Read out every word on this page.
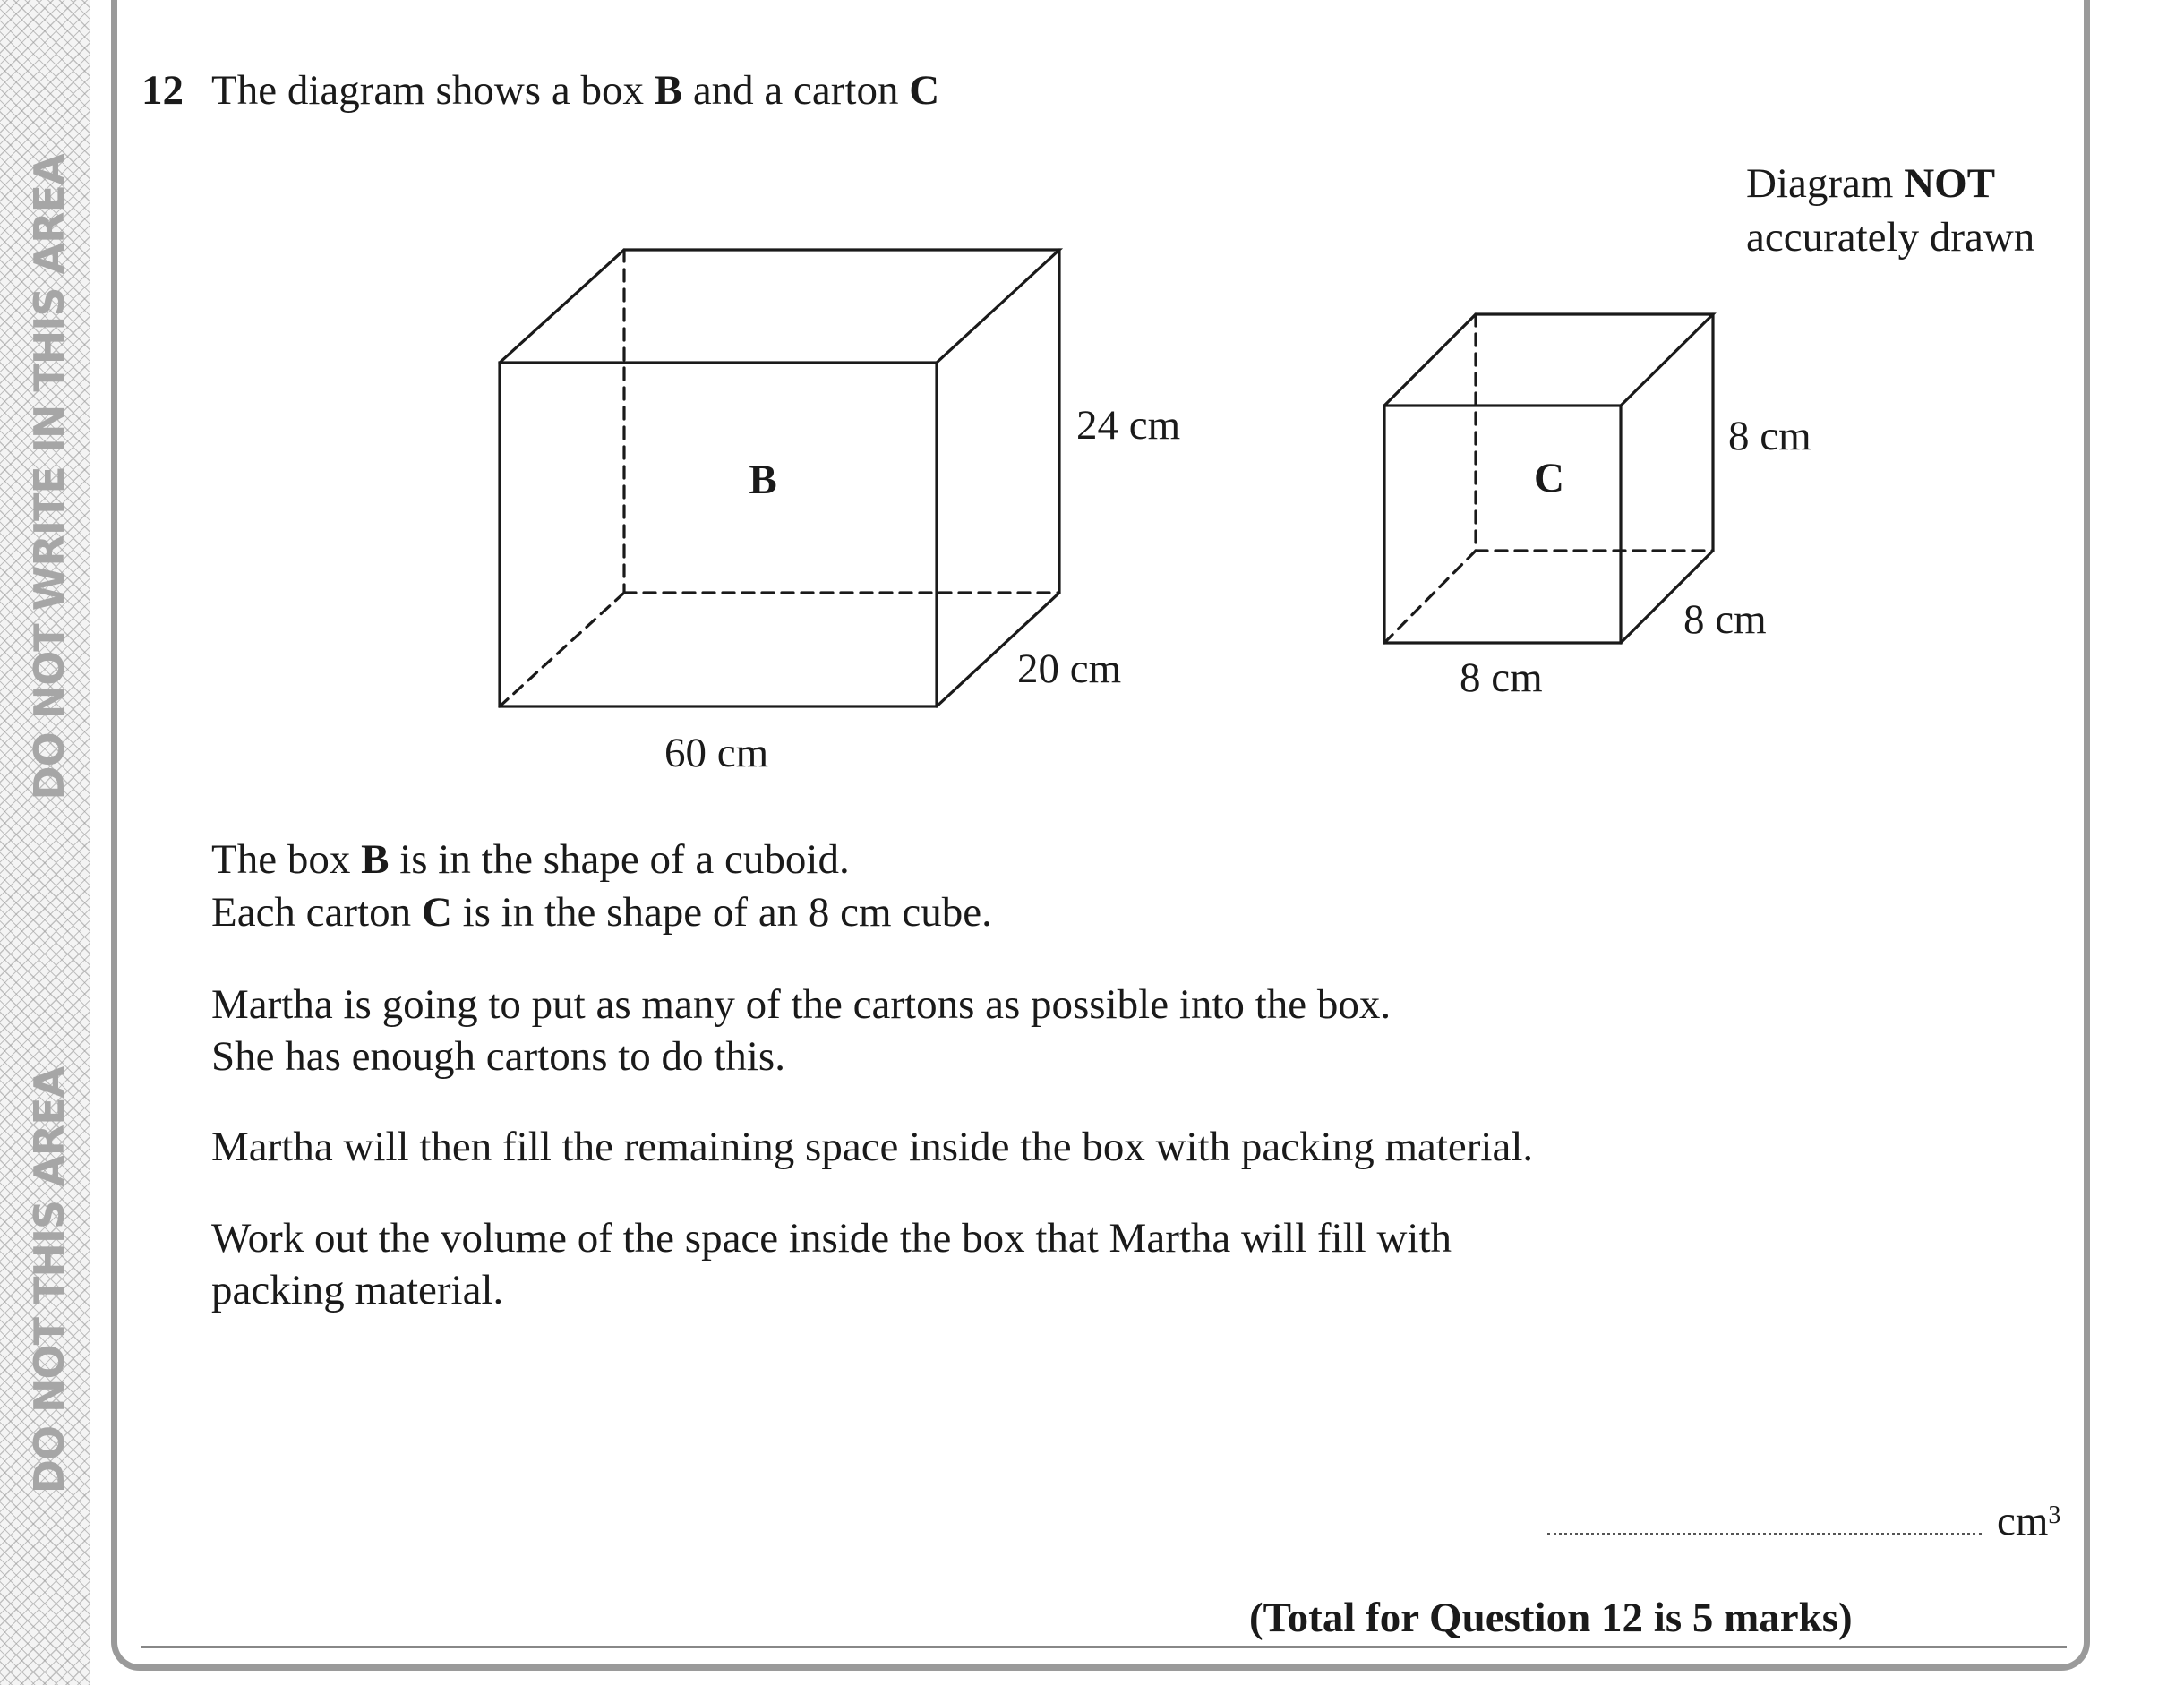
DO NOT WRITE IN THIS AREA
DO NOT THIS AREA
12 The diagram shows a box B and a carton C
Diagram NOT
accurately drawn
B
24 cm
20 cm
60 cm
C
8 cm
8 cm
8 cm
The box B is in the shape of a cuboid.
Each carton C is in the shape of an 8 cm cube.
Martha is going to put as many of the cartons as possible into the box.
She has enough cartons to do this.
Martha will then fill the remaining space inside the box with packing material.
Work out the volume of the space inside the box that Martha will fill with
packing material.
$cm^3$
(Total for Question 12 is 5 marks)
